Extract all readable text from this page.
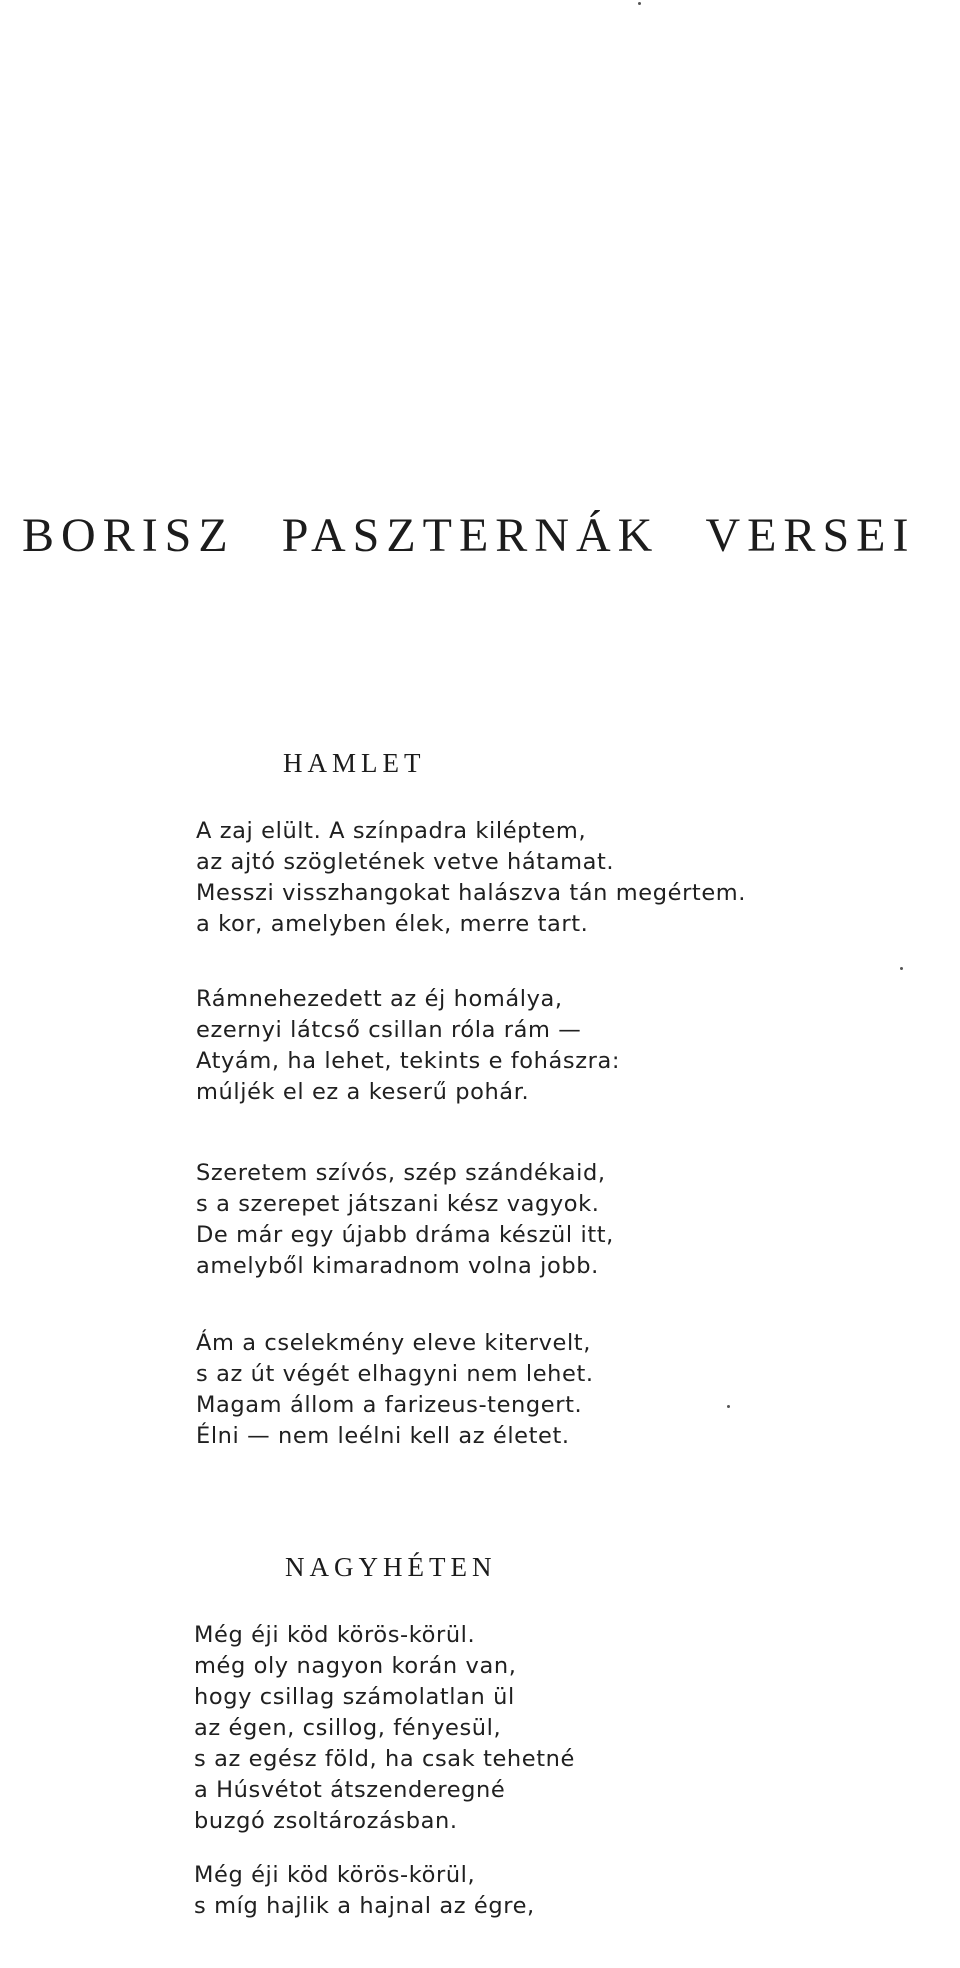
BORISZ PASZTERNÁK VERSEI
HAMLET
A zaj elült. A színpadra kiléptem,
az ajtó szögletének vetve hátamat.
Messzi visszhangokat halászva tán megértem.
a kor, amelyben élek, merre tart.
Rámnehezedett az éj homálya,
ezernyi látcső csillan róla rám —
Atyám, ha lehet, tekints e fohászra:
múljék el ez a keserű pohár.
Szeretem szívós, szép szándékaid,
s a szerepet játszani kész vagyok.
De már egy újabb dráma készül itt,
amelyből kimaradnom volna jobb.
Ám a cselekmény eleve kitervelt,
s az út végét elhagyni nem lehet.
Magam állom a farizeus-tengert.
Élni — nem leélni kell az életet.
NAGYHÉTEN
Még éji köd körös-körül.
még oly nagyon korán van,
hogy csillag számolatlan ül
az égen, csillog, fényesül,
s az egész föld, ha csak tehetné
a Húsvétot átszenderegné
buzgó zsoltározásban.
Még éji köd körös-körül,
s míg hajlik a hajnal az égre,
